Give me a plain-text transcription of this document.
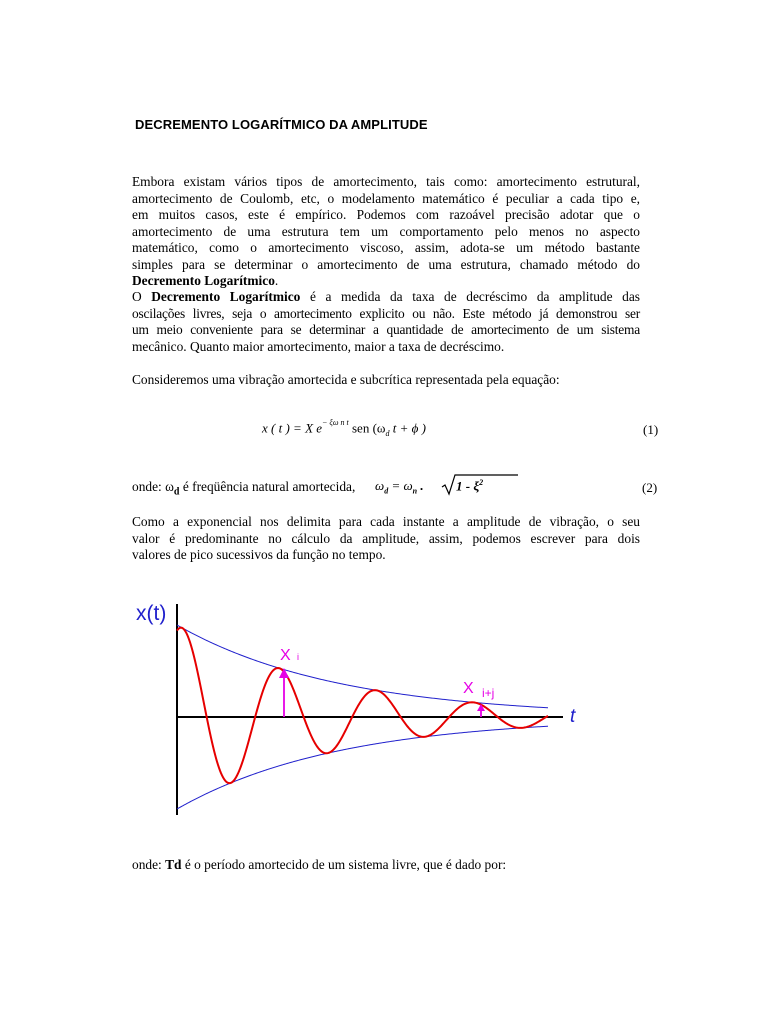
DECREMENTO LOGARÍTMICO DA AMPLITUDE
Embora existam vários tipos de amortecimento, tais como: amortecimento estrutural,
amortecimento de Coulomb, etc, o modelamento matemático é peculiar a cada tipo e,
em muitos casos, este é empírico. Podemos com razoável precisão adotar que o
amortecimento de uma estrutura tem um comportamento pelo menos no aspecto
matemático, como o amortecimento viscoso, assim, adota-se um método bastante
simples para se determinar o amortecimento de uma estrutura, chamado método do
Decremento Logarítmico.
O Decremento Logarítmico é a medida da taxa de decréscimo da amplitude das
oscilações livres, seja o amortecimento explicito ou não. Este método já demonstrou ser
um meio conveniente para se determinar a quantidade de amortecimento de um sistema
mecânico. Quanto maior amortecimento, maior a taxa de decréscimo.
Consideremos uma vibração amortecida e subcrítica representada pela equação:
x ( t ) = X $e^{- \xi\omega n t}$ sen ($\omega_d$ t + ϕ )	(1)
onde: $\omega_d$ é freqüência natural amortecida,	$\omega_d = \omega_n$ . $1 - \xi^2$	(2)
Como a exponencial nos delimita para cada instante a amplitude de vibração, o seu
valor é predominante no cálculo da amplitude, assim, podemos escrever para dois
valores de pico sucessivos da função no tempo.
x(t)
t
X i
X i+j
onde: Td é o período amortecido de um sistema livre, que é dado por:
